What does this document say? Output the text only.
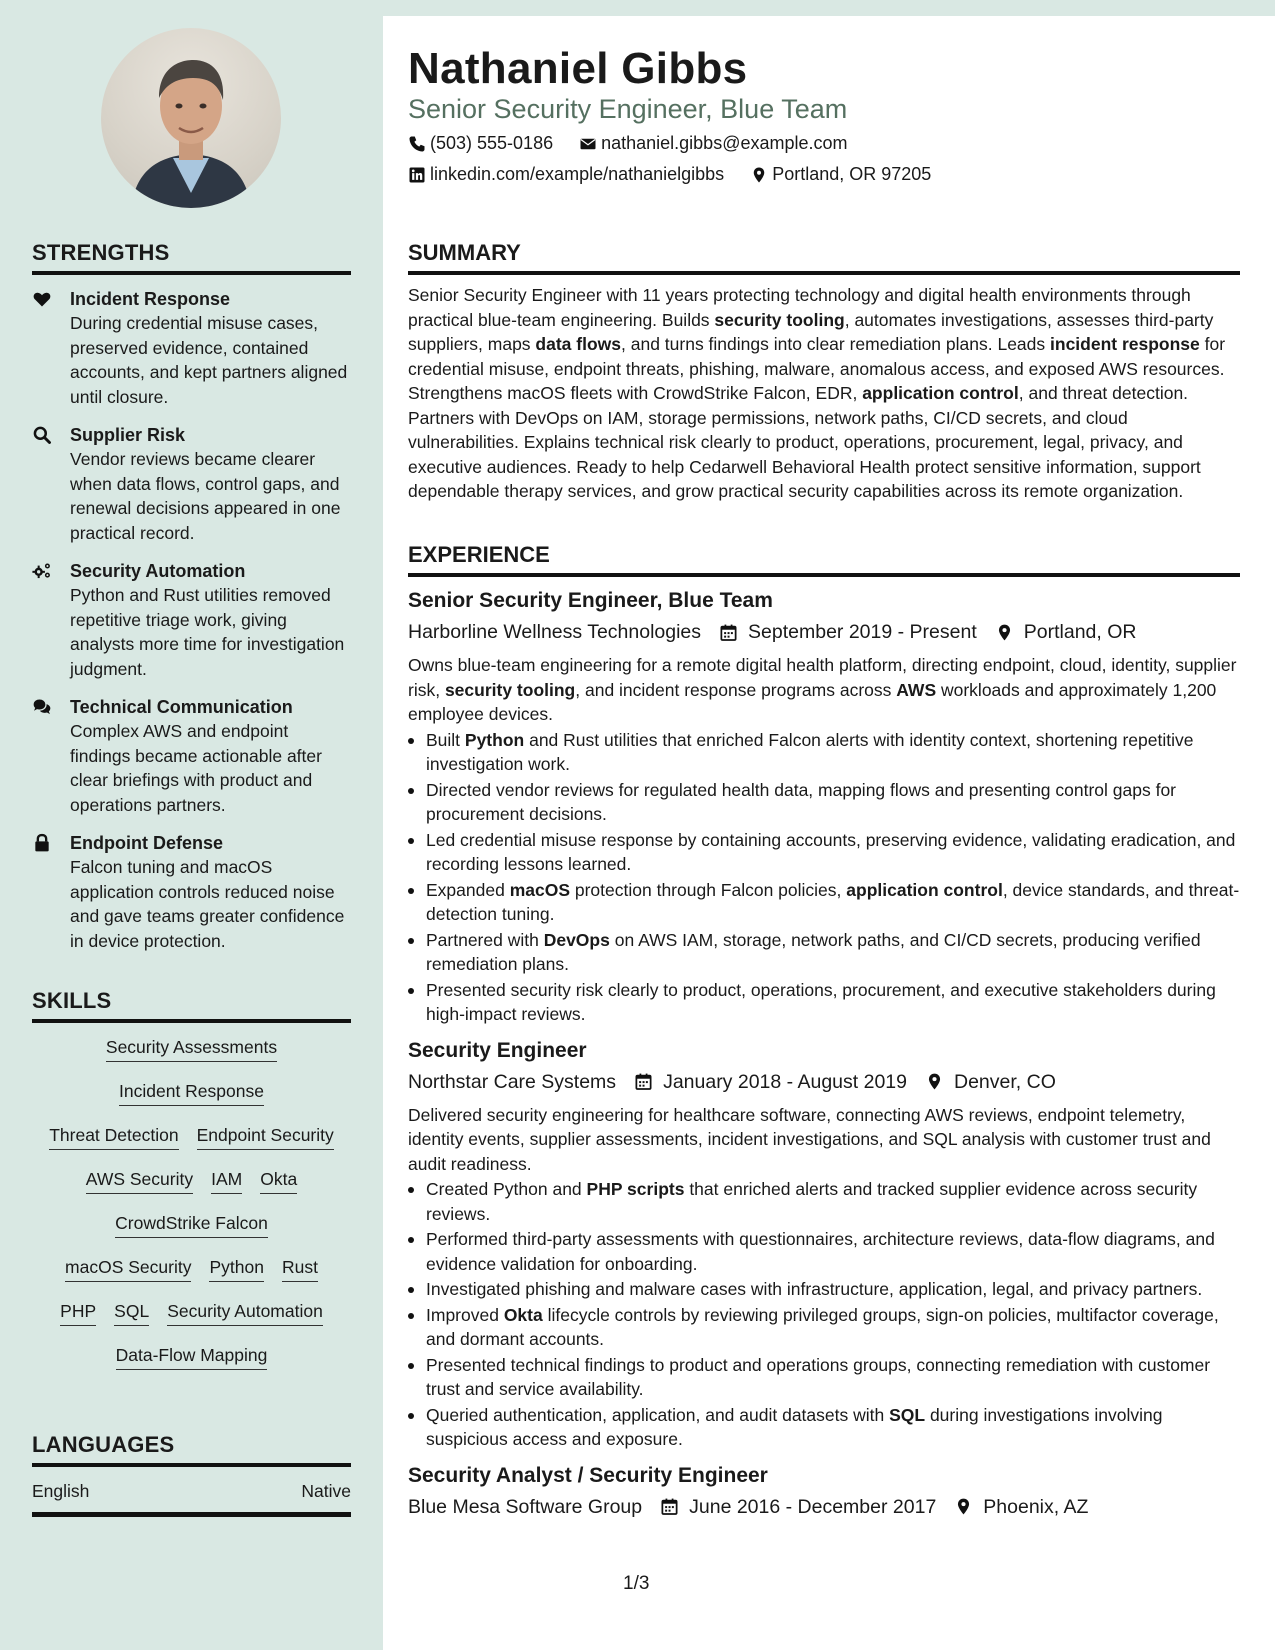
STRENGTHS
Incident Response
During credential misuse cases, preserved evidence, contained accounts, and kept partners aligned until closure.
Supplier Risk
Vendor reviews became clearer when data flows, control gaps, and renewal decisions appeared in one practical record.
Security Automation
Python and Rust utilities removed repetitive triage work, giving analysts more time for investigation judgment.
Technical Communication
Complex AWS and endpoint findings became actionable after clear briefings with product and operations partners.
Endpoint Defense
Falcon tuning and macOS application controls reduced noise and gave teams greater confidence in device protection.
SKILLS
Security Assessments
Incident Response
Threat Detection Endpoint Security
AWS Security IAM Okta
CrowdStrike Falcon
macOS Security Python Rust
PHP SQL Security Automation
Data-Flow Mapping
LANGUAGES
English	Native
Nathaniel Gibbs
Senior Security Engineer, Blue Team
(503) 555-0186	nathaniel.gibbs@example.com
linkedin.com/example/nathanielgibbs	Portland, OR 97205
SUMMARY

Senior Security Engineer with 11 years protecting technology and digital health environments through practical blue-team engineering. Builds security tooling, automates investigations, assesses third-party suppliers, maps data flows, and turns findings into clear remediation plans. Leads incident response for credential misuse, endpoint threats, phishing, malware, anomalous access, and exposed AWS resources. Strengthens macOS fleets with CrowdStrike Falcon, EDR, application control, and threat detection. Partners with DevOps on IAM, storage permissions, network paths, CI/CD secrets, and cloud vulnerabilities. Explains technical risk clearly to product, operations, procurement, legal, privacy, and executive audiences. Ready to help Cedarwell Behavioral Health protect sensitive information, support dependable therapy services, and grow practical security capabilities across its remote organization.

EXPERIENCE
Senior Security Engineer, Blue Team
Harborline Wellness Technologies	September 2019 - Present	Portland, OR

Owns blue-team engineering for a remote digital health platform, directing endpoint, cloud, identity, supplier risk, security tooling, and incident response programs across AWS workloads and approximately 1,200 employee devices.

Built Python and Rust utilities that enriched Falcon alerts with identity context, shortening repetitive investigation work.
Directed vendor reviews for regulated health data, mapping flows and presenting control gaps for procurement decisions.
Led credential misuse response by containing accounts, preserving evidence, validating eradication, and recording lessons learned.
Expanded macOS protection through Falcon policies, application control, device standards, and threat-detection tuning.
Partnered with DevOps on AWS IAM, storage, network paths, and CI/CD secrets, producing verified remediation plans.
Presented security risk clearly to product, operations, procurement, and executive stakeholders during high-impact reviews.
Security Engineer
Northstar Care Systems	January 2018 - August 2019	Denver, CO

Delivered security engineering for healthcare software, connecting AWS reviews, endpoint telemetry, identity events, supplier assessments, incident investigations, and SQL analysis with customer trust and audit readiness.

Created Python and PHP scripts that enriched alerts and tracked supplier evidence across security reviews.
Performed third-party assessments with questionnaires, architecture reviews, data-flow diagrams, and evidence validation for onboarding.
Investigated phishing and malware cases with infrastructure, application, legal, and privacy partners.
Improved Okta lifecycle controls by reviewing privileged groups, sign-on policies, multifactor coverage, and dormant accounts.
Presented technical findings to product and operations groups, connecting remediation with customer trust and service availability.
Queried authentication, application, and audit datasets with SQL during investigations involving suspicious access and exposure.
Security Analyst / Security Engineer
Blue Mesa Software Group	June 2016 - December 2017	Phoenix, AZ
1/3
